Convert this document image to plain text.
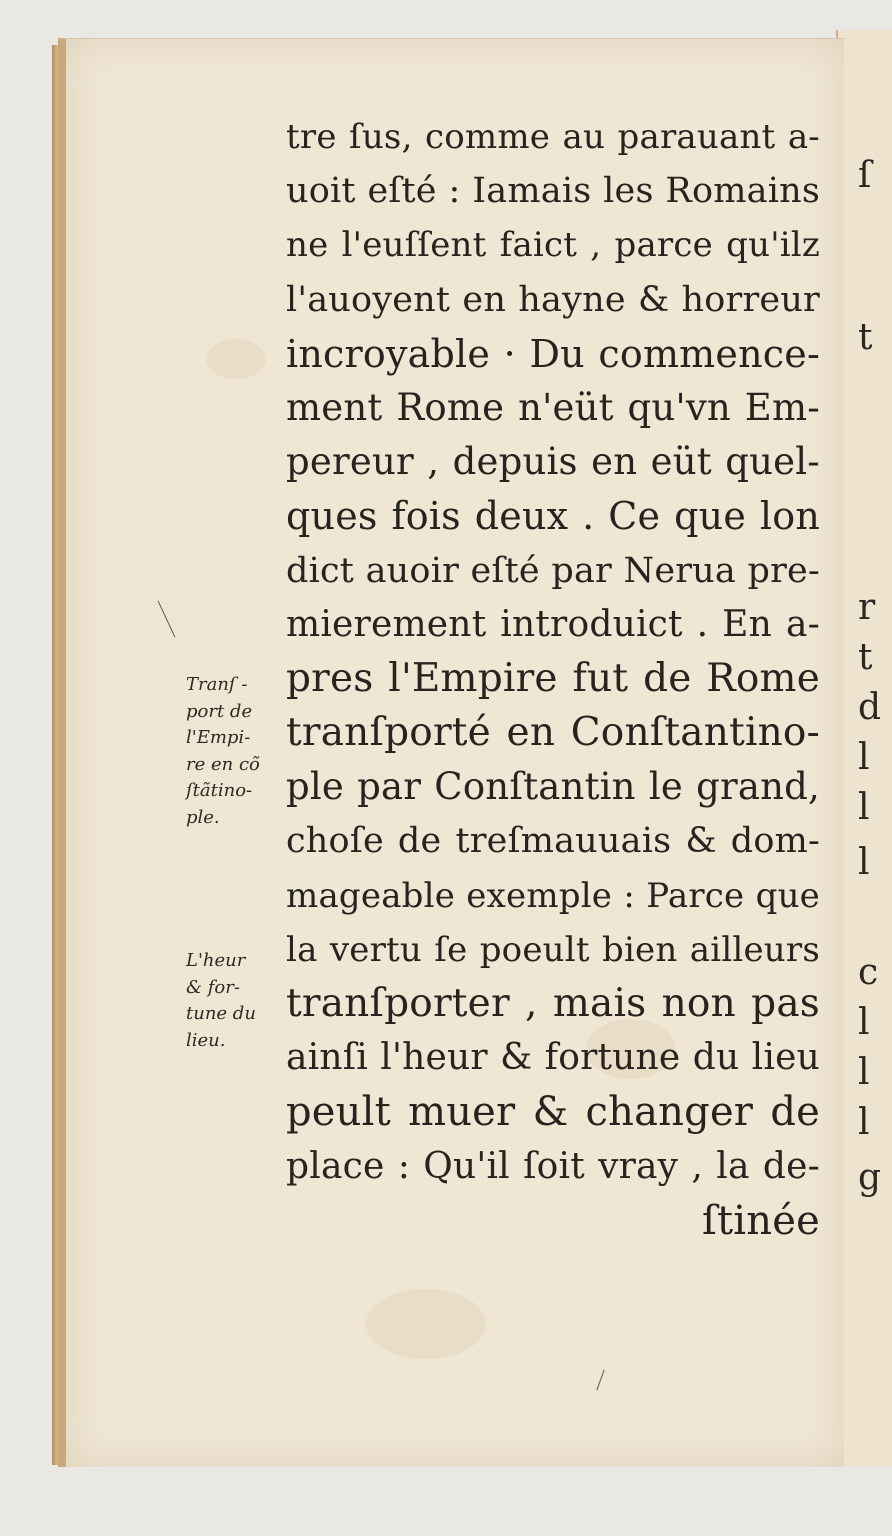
ſ
t
r
t
d
l
l
l
c
l
l
l
g
tre ſus, comme au parauant a-
uoit eſté : Iamais les Romains
ne l'euſſent faict , parce qu'ilz
l'auoyent en hayne & horreur
incroyable · Du commence-
ment Rome n'eüt qu'vn Em-
pereur , depuis en eüt quel-
ques fois deux . Ce que lon
dict auoir eſté par Nerua pre-
mierement introduict . En a-
pres l'Empire fut de Rome
tranſporté en Conſtantino-
ple par Conſtantin le grand,
choſe de treſmauuais & dom-
mageable exemple : Parce que
la vertu ſe poeult bien ailleurs
tranſporter , mais non pas
ainſi l'heur & fortune du lieu
peult muer & changer de
place : Qu'il ſoit vray , la de-
ſtinée
Tranſ -
port de
l'Empi-
re en cõ
ſtãtino-
ple.
L'heur
& for-
tune du
lieu.
